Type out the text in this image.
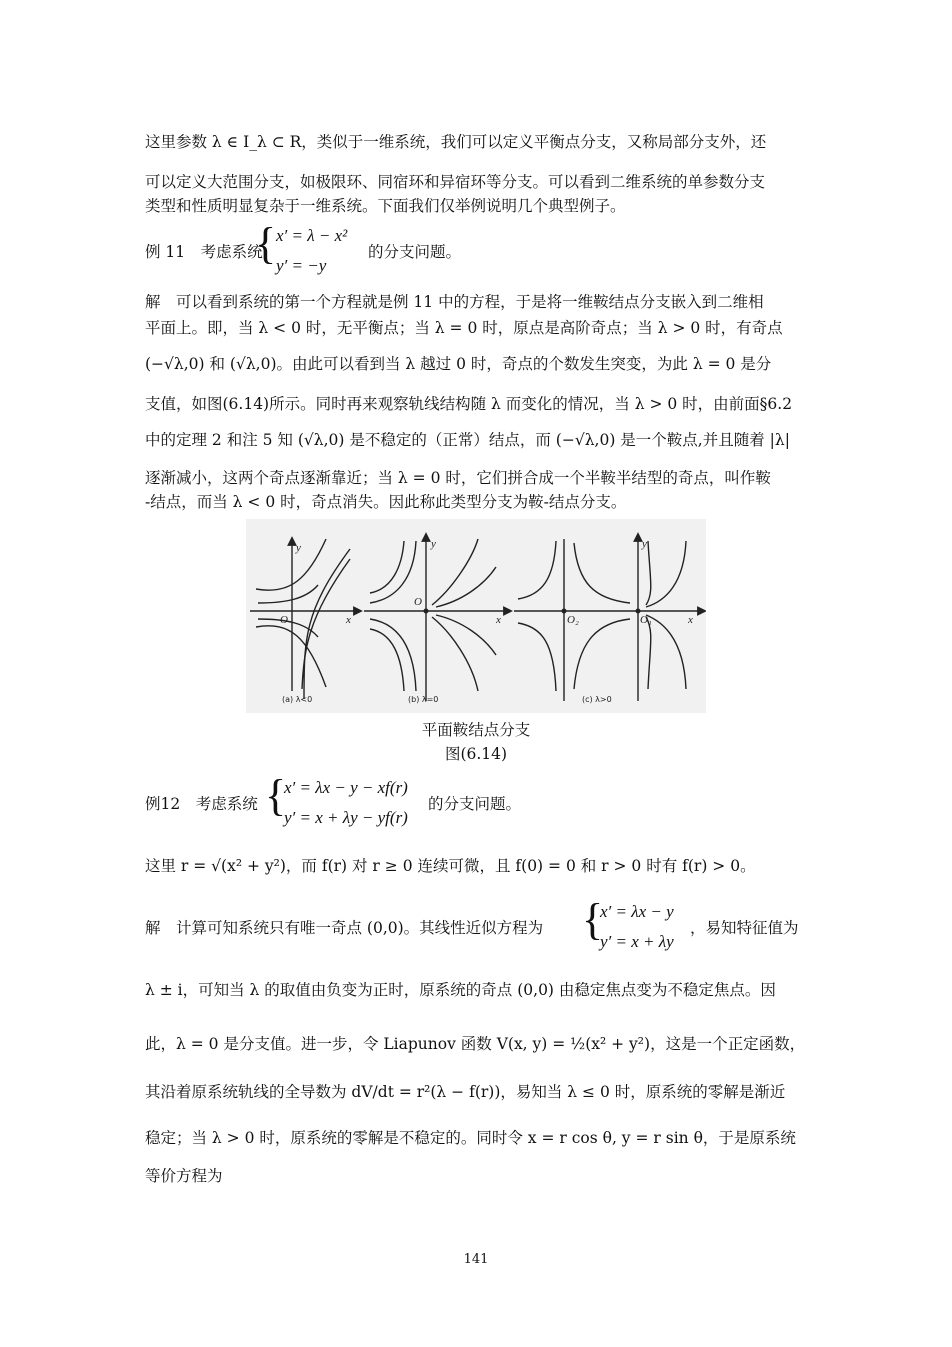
这里参数 λ ∈ I_λ ⊂ R，类似于一维系统，我们可以定义平衡点分支，又称局部分支外，还
可以定义大范围分支，如极限环、同宿环和异宿环等分支。可以看到二维系统的单参数分支
类型和性质明显复杂于一维系统。下面我们仅举例说明几个典型例子。
例 11　考虑系统
{ x′ = λ − x²
y′ = −y
的分支问题。
解　可以看到系统的第一个方程就是例 11 中的方程，于是将一维鞍结点分支嵌入到二维相
平面上。即，当 λ < 0 时，无平衡点；当 λ = 0 时，原点是高阶奇点；当 λ > 0 时，有奇点
(−√λ,0) 和 (√λ,0)。由此可以看到当 λ 越过 0 时，奇点的个数发生突变，为此 λ = 0 是分
支值，如图(6.14)所示。同时再来观察轨线结构随 λ 而变化的情况，当 λ > 0 时，由前面§6.2
中的定理 2 和注 5 知 (√λ,0) 是不稳定的（正常）结点，而 (−√λ,0) 是一个鞍点,并且随着 |λ|
逐渐减小，这两个奇点逐渐靠近；当 λ = 0 时，它们拼合成一个半鞍半结型的奇点，叫作鞍
-结点，而当 λ < 0 时，奇点消失。因此称此类型分支为鞍-结点分支。
O	x
y
O
x
y
O₂	O₁	x
y
(a) λ<0	(b) λ=0	(c) λ>0
平面鞍结点分支
图(6.14)
例12　考虑系统 {
x′ = λx − y − xf(r)
y′ = x + λy − yf(r)
的分支问题。
这里 r = √(x² + y²)，而 f(r) 对 r ≥ 0 连续可微，且 f(0) = 0 和 r > 0 时有 f(r) > 0。
解　计算可知系统只有唯一奇点 (0,0)。其线性近似方程为 {
x′ = λx − y
y′ = x + λy
，易知特征值为
λ ± i，可知当 λ 的取值由负变为正时，原系统的奇点 (0,0) 由稳定焦点变为不稳定焦点。因
此，λ = 0 是分支值。进一步，令 Liapunov 函数 V(x, y) = ½(x² + y²)，这是一个正定函数，
其沿着原系统轨线的全导数为 dV/dt = r²(λ − f(r))，易知当 λ ≤ 0 时，原系统的零解是渐近
稳定；当 λ > 0 时，原系统的零解是不稳定的。同时令 x = r cos θ, y = r sin θ，于是原系统
等价方程为
141
